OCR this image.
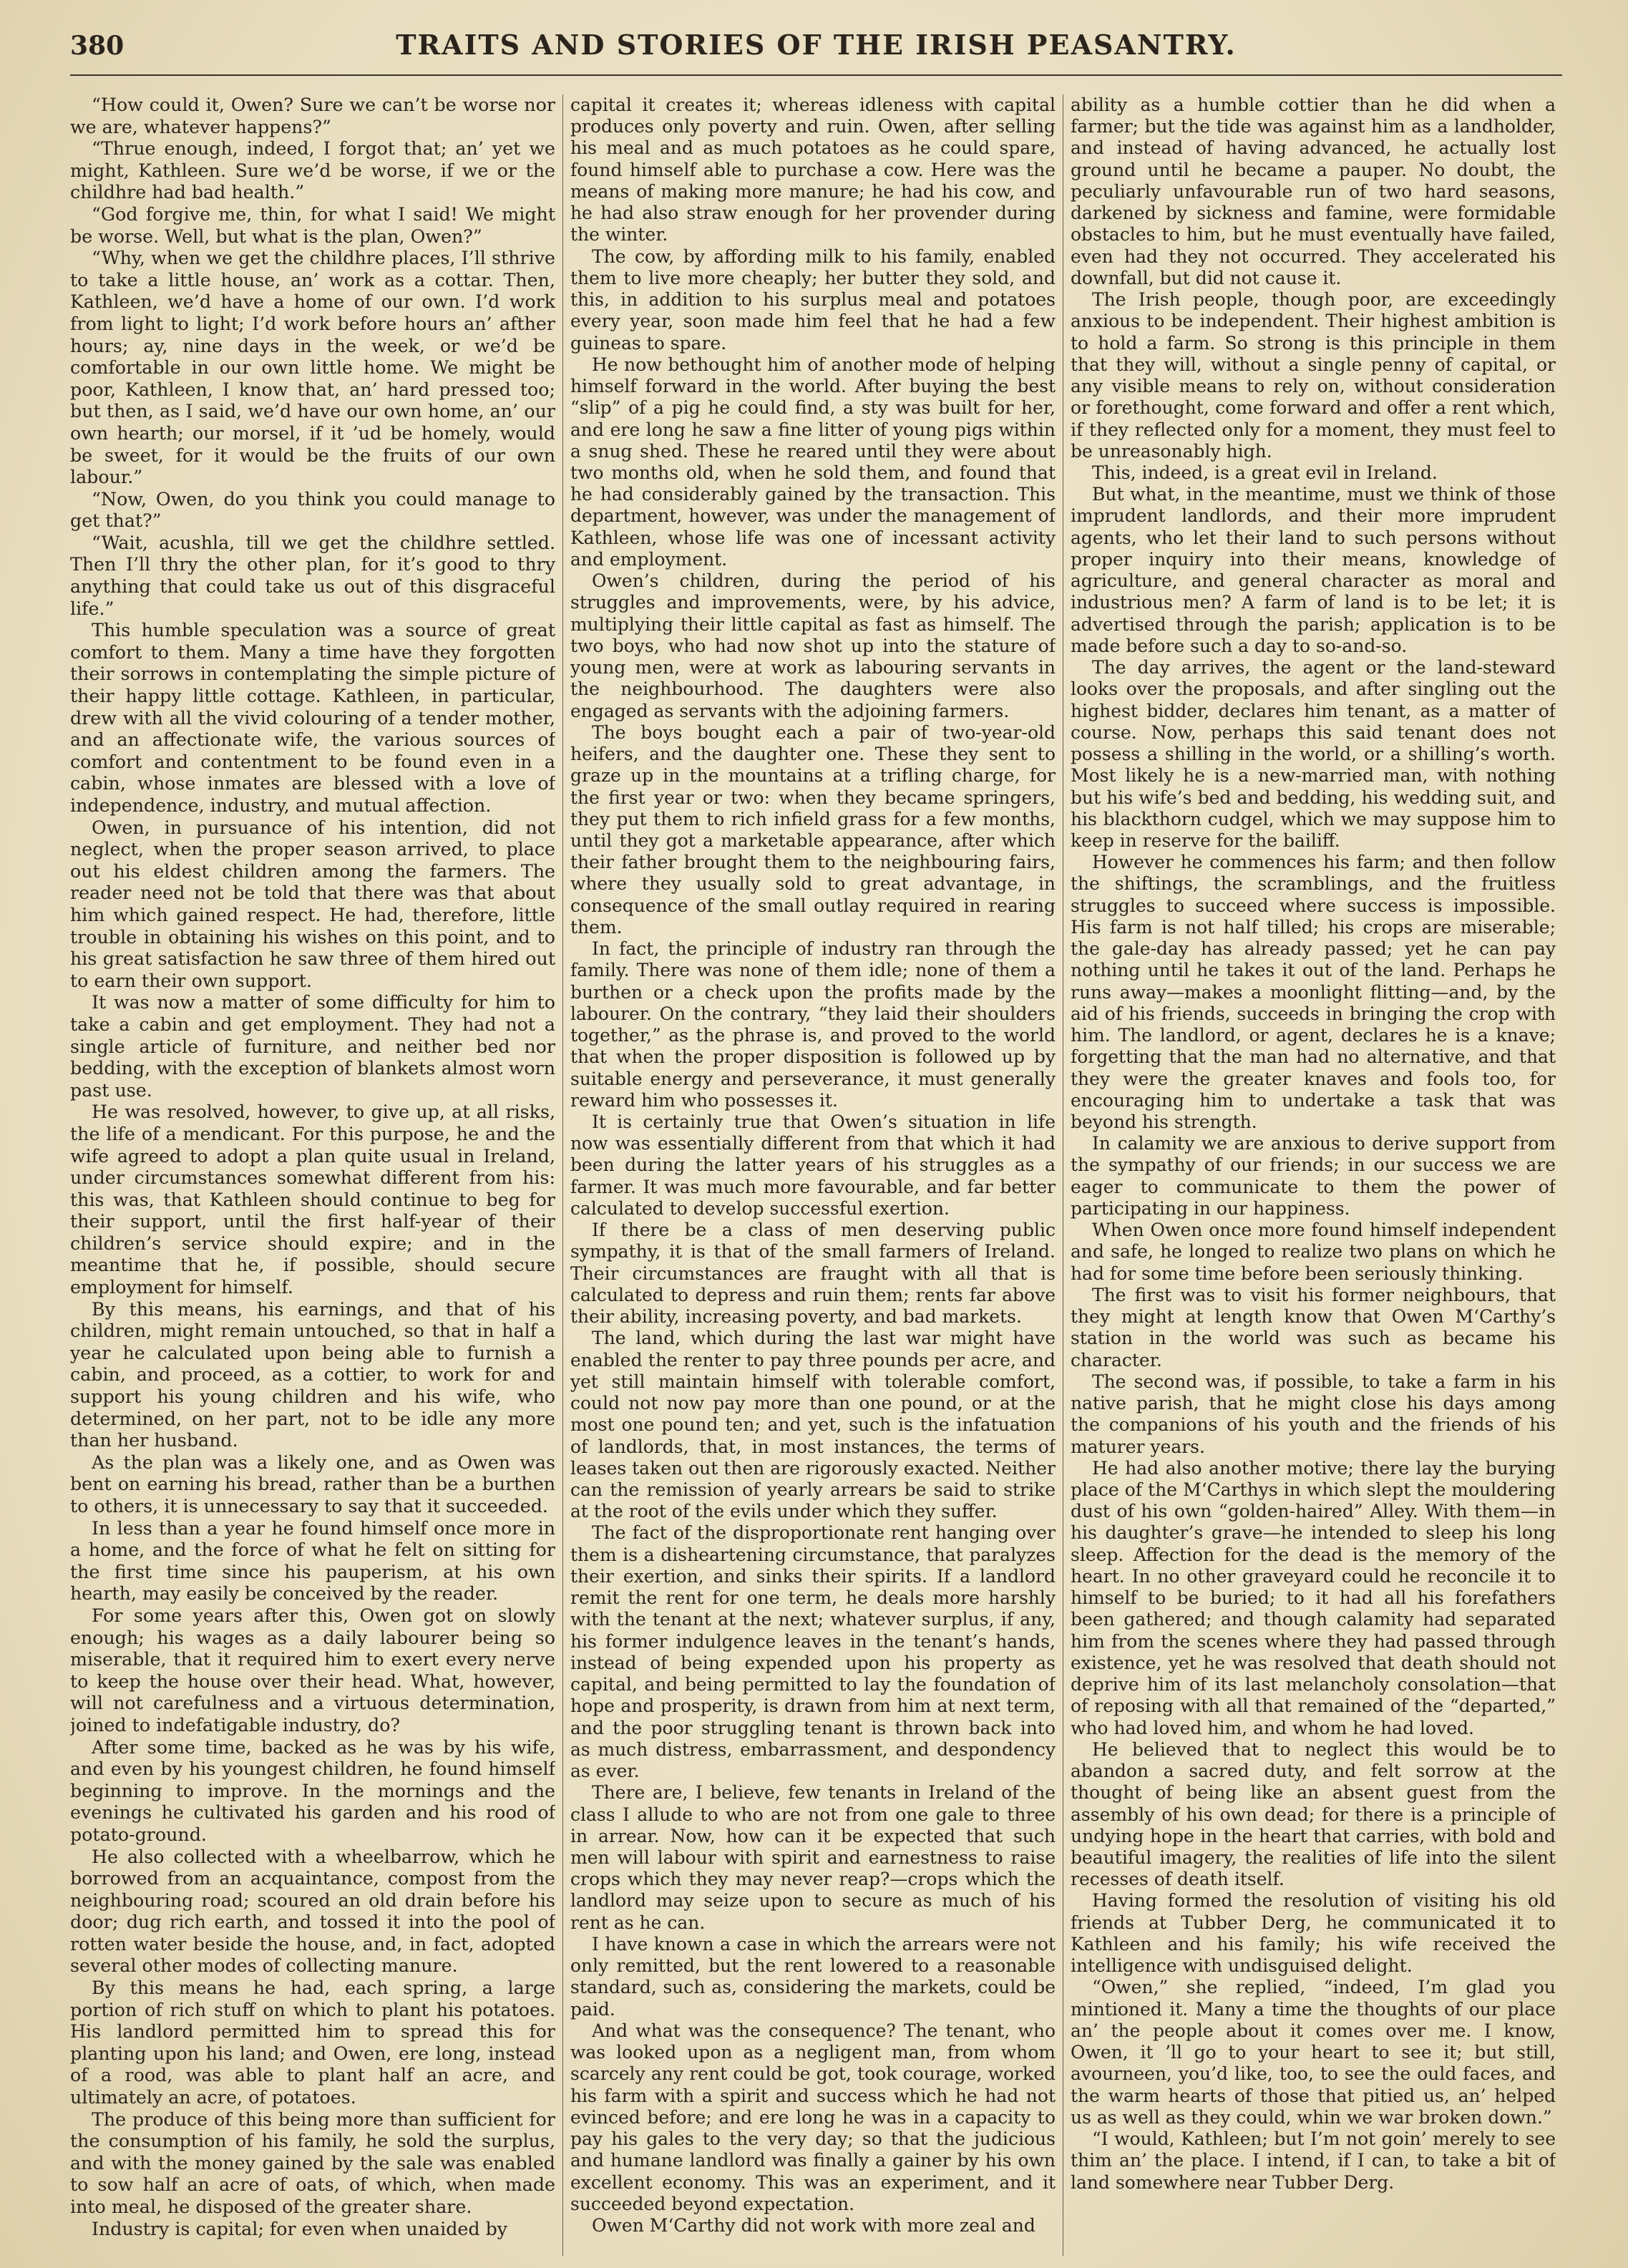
380	TRAITS AND STORIES OF THE IRISH PEASANTRY.

“How could it, Owen? Sure we can’t be worse nor we are, whatever happens?”

“Thrue enough, indeed, I forgot that; an’ yet we might, Kathleen. Sure we’d be worse, if we or the childhre had bad health.”

“God forgive me, thin, for what I said! We might be worse. Well, but what is the plan, Owen?”

“Why, when we get the childhre places, I’ll sthrive to take a little house, an’ work as a cottar. Then, Kathleen, we’d have a home of our own. I’d work from light to light; I’d work before hours an’ afther hours; ay, nine days in the week, or we’d be comfortable in our own little home. We might be poor, Kathleen, I know that, an’ hard pressed too; but then, as I said, we’d have our own home, an’ our own hearth; our morsel, if it ’ud be homely, would be sweet, for it would be the fruits of our own labour.”

“Now, Owen, do you think you could manage to get that?”

“Wait, acushla, till we get the childhre settled. Then I’ll thry the other plan, for it’s good to thry anything that could take us out of this disgraceful life.”

This humble speculation was a source of great comfort to them. Many a time have they forgotten their sorrows in contemplating the simple picture of their happy little cottage. Kathleen, in particular, drew with all the vivid colouring of a tender mother, and an affectionate wife, the various sources of comfort and contentment to be found even in a cabin, whose inmates are blessed with a love of independence, industry, and mutual affection.

Owen, in pursuance of his intention, did not neglect, when the proper season arrived, to place out his eldest children among the farmers. The reader need not be told that there was that about him which gained respect. He had, therefore, little trouble in obtaining his wishes on this point, and to his great satisfaction he saw three of them hired out to earn their own support.

It was now a matter of some difficulty for him to take a cabin and get employment. They had not a single article of furniture, and neither bed nor bedding, with the exception of blankets almost worn past use.

He was resolved, however, to give up, at all risks, the life of a mendicant. For this purpose, he and the wife agreed to adopt a plan quite usual in Ireland, under circumstances somewhat different from his: this was, that Kathleen should continue to beg for their support, until the first half-year of their children’s service should expire; and in the meantime that he, if possible, should secure employment for himself.

By this means, his earnings, and that of his children, might remain untouched, so that in half a year he calculated upon being able to furnish a cabin, and proceed, as a cottier, to work for and support his young children and his wife, who determined, on her part, not to be idle any more than her husband.

As the plan was a likely one, and as Owen was bent on earning his bread, rather than be a burthen to others, it is unnecessary to say that it succeeded.

In less than a year he found himself once more in a home, and the force of what he felt on sitting for the first time since his pauperism, at his own hearth, may easily be conceived by the reader.

For some years after this, Owen got on slowly enough; his wages as a daily labourer being so miserable, that it required him to exert every nerve to keep the house over their head. What, however, will not carefulness and a virtuous determination, joined to indefatigable industry, do?

After some time, backed as he was by his wife, and even by his youngest children, he found himself beginning to improve. In the mornings and the evenings he cultivated his garden and his rood of potato-ground.

He also collected with a wheelbarrow, which he borrowed from an acquaintance, compost from the neighbouring road; scoured an old drain before his door; dug rich earth, and tossed it into the pool of rotten water beside the house, and, in fact, adopted several other modes of collecting manure.

By this means he had, each spring, a large portion of rich stuff on which to plant his potatoes. His landlord permitted him to spread this for planting upon his land; and Owen, ere long, instead of a rood, was able to plant half an acre, and ultimately an acre, of potatoes.

The produce of this being more than sufficient for the consumption of his family, he sold the surplus, and with the money gained by the sale was enabled to sow half an acre of oats, of which, when made into meal, he disposed of the greater share.

Industry is capital; for even when unaided by

capital it creates it; whereas idleness with capital produces only poverty and ruin. Owen, after selling his meal and as much potatoes as he could spare, found himself able to purchase a cow. Here was the means of making more manure; he had his cow, and he had also straw enough for her provender during the winter.

The cow, by affording milk to his family, enabled them to live more cheaply; her butter they sold, and this, in addition to his surplus meal and potatoes every year, soon made him feel that he had a few guineas to spare.

He now bethought him of another mode of helping himself forward in the world. After buying the best “slip” of a pig he could find, a sty was built for her, and ere long he saw a fine litter of young pigs within a snug shed. These he reared until they were about two months old, when he sold them, and found that he had considerably gained by the transaction. This department, however, was under the management of Kathleen, whose life was one of incessant activity and employment.

Owen’s children, during the period of his struggles and improvements, were, by his advice, multiplying their little capital as fast as himself. The two boys, who had now shot up into the stature of young men, were at work as labouring servants in the neighbourhood. The daughters were also engaged as servants with the adjoining farmers.

The boys bought each a pair of two-year-old heifers, and the daughter one. These they sent to graze up in the mountains at a trifling charge, for the first year or two: when they became springers, they put them to rich infield grass for a few months, until they got a marketable appearance, after which their father brought them to the neighbouring fairs, where they usually sold to great advantage, in consequence of the small outlay required in rearing them.

In fact, the principle of industry ran through the family. There was none of them idle; none of them a burthen or a check upon the profits made by the labourer. On the contrary, “they laid their shoulders together,” as the phrase is, and proved to the world that when the proper disposition is followed up by suitable energy and perseverance, it must generally reward him who possesses it.

It is certainly true that Owen’s situation in life now was essentially different from that which it had been during the latter years of his struggles as a farmer. It was much more favourable, and far better calculated to develop successful exertion.

If there be a class of men deserving public sympathy, it is that of the small farmers of Ireland. Their circumstances are fraught with all that is calculated to depress and ruin them; rents far above their ability, increasing poverty, and bad markets.

The land, which during the last war might have enabled the renter to pay three pounds per acre, and yet still maintain himself with tolerable comfort, could not now pay more than one pound, or at the most one pound ten; and yet, such is the infatuation of landlords, that, in most instances, the terms of leases taken out then are rigorously exacted. Neither can the remission of yearly arrears be said to strike at the root of the evils under which they suffer.

The fact of the disproportionate rent hanging over them is a disheartening circumstance, that paralyzes their exertion, and sinks their spirits. If a landlord remit the rent for one term, he deals more harshly with the tenant at the next; whatever surplus, if any, his former indulgence leaves in the tenant’s hands, instead of being expended upon his property as capital, and being permitted to lay the foundation of hope and prosperity, is drawn from him at next term, and the poor struggling tenant is thrown back into as much distress, embarrassment, and despondency as ever.

There are, I believe, few tenants in Ireland of the class I allude to who are not from one gale to three in arrear. Now, how can it be expected that such men will labour with spirit and earnestness to raise crops which they may never reap?—crops which the landlord may seize upon to secure as much of his rent as he can.

I have known a case in which the arrears were not only remitted, but the rent lowered to a reasonable standard, such as, considering the markets, could be paid.

And what was the consequence? The tenant, who was looked upon as a negligent man, from whom scarcely any rent could be got, took courage, worked his farm with a spirit and success which he had not evinced before; and ere long he was in a capacity to pay his gales to the very day; so that the judicious and humane landlord was finally a gainer by his own excellent economy. This was an experiment, and it succeeded beyond expectation.

Owen M‘Carthy did not work with more zeal and

ability as a humble cottier than he did when a farmer; but the tide was against him as a landholder, and instead of having advanced, he actually lost ground until he became a pauper. No doubt, the peculiarly unfavourable run of two hard seasons, darkened by sickness and famine, were formidable obstacles to him, but he must eventually have failed, even had they not occurred. They accelerated his downfall, but did not cause it.

The Irish people, though poor, are exceedingly anxious to be independent. Their highest ambition is to hold a farm. So strong is this principle in them that they will, without a single penny of capital, or any visible means to rely on, without consideration or forethought, come forward and offer a rent which, if they reflected only for a moment, they must feel to be unreasonably high.

This, indeed, is a great evil in Ireland.

But what, in the meantime, must we think of those imprudent landlords, and their more imprudent agents, who let their land to such persons without proper inquiry into their means, knowledge of agriculture, and general character as moral and industrious men? A farm of land is to be let; it is advertised through the parish; application is to be made before such a day to so-and-so.

The day arrives, the agent or the land-steward looks over the proposals, and after singling out the highest bidder, declares him tenant, as a matter of course. Now, perhaps this said tenant does not possess a shilling in the world, or a shilling’s worth. Most likely he is a new-married man, with nothing but his wife’s bed and bedding, his wedding suit, and his blackthorn cudgel, which we may suppose him to keep in reserve for the bailiff.

However he commences his farm; and then follow the shiftings, the scramblings, and the fruitless struggles to succeed where success is impossible. His farm is not half tilled; his crops are miserable; the gale-day has already passed; yet he can pay nothing until he takes it out of the land. Perhaps he runs away—makes a moonlight flitting—and, by the aid of his friends, succeeds in bringing the crop with him. The landlord, or agent, declares he is a knave; forgetting that the man had no alternative, and that they were the greater knaves and fools too, for encouraging him to undertake a task that was beyond his strength.

In calamity we are anxious to derive support from the sympathy of our friends; in our success we are eager to communicate to them the power of participating in our happiness.

When Owen once more found himself independent and safe, he longed to realize two plans on which he had for some time before been seriously thinking.

The first was to visit his former neighbours, that they might at length know that Owen M‘Carthy’s station in the world was such as became his character.

The second was, if possible, to take a farm in his native parish, that he might close his days among the companions of his youth and the friends of his maturer years.

He had also another motive; there lay the burying place of the M‘Carthys in which slept the mouldering dust of his own “golden-haired” Alley. With them—in his daughter’s grave—he intended to sleep his long sleep. Affection for the dead is the memory of the heart. In no other graveyard could he reconcile it to himself to be buried; to it had all his forefathers been gathered; and though calamity had separated him from the scenes where they had passed through existence, yet he was resolved that death should not deprive him of its last melancholy consolation—that of reposing with all that remained of the “departed,” who had loved him, and whom he had loved.

He believed that to neglect this would be to abandon a sacred duty, and felt sorrow at the thought of being like an absent guest from the assembly of his own dead; for there is a principle of undying hope in the heart that carries, with bold and beautiful imagery, the realities of life into the silent recesses of death itself.

Having formed the resolution of visiting his old friends at Tubber Derg, he communicated it to Kathleen and his family; his wife received the intelligence with undisguised delight.

“Owen,” she replied, “indeed, I’m glad you mintioned it. Many a time the thoughts of our place an’ the people about it comes over me. I know, Owen, it ’ll go to your heart to see it; but still, avourneen, you’d like, too, to see the ould faces, and the warm hearts of those that pitied us, an’ helped us as well as they could, whin we war broken down.”

“I would, Kathleen; but I’m not goin’ merely to see thim an’ the place. I intend, if I can, to take a bit of land somewhere near Tubber Derg.
